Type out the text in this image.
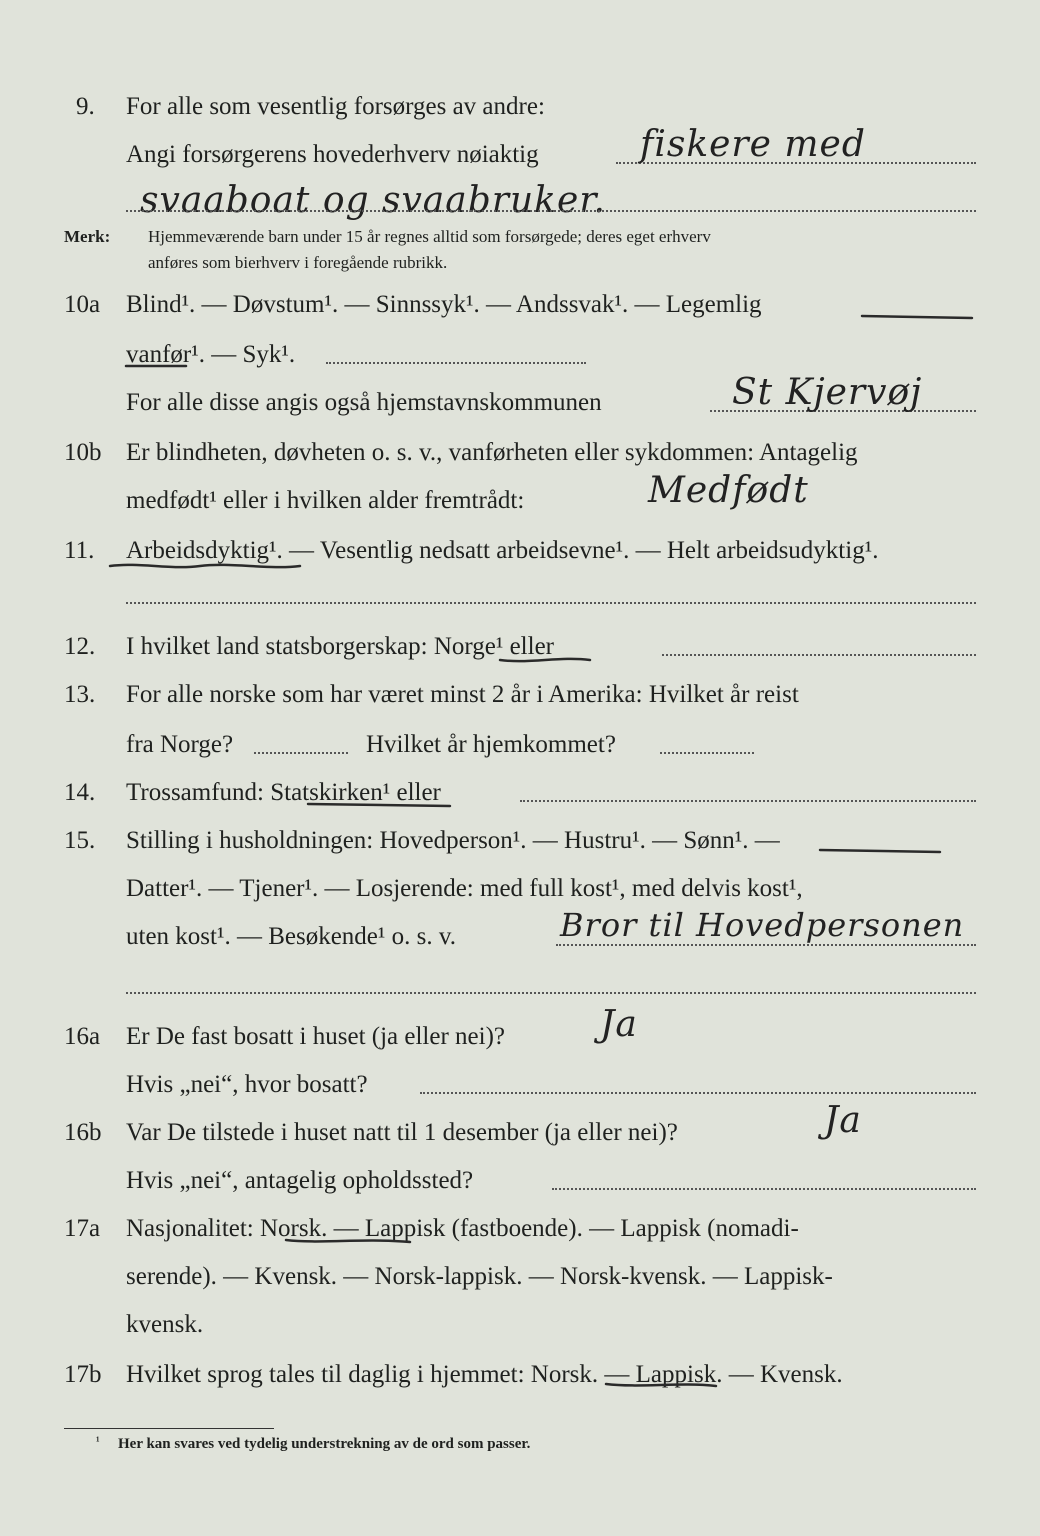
9. For alle som vesentlig forsørges av andre:
Angi forsørgerens hovederhverv nøiaktig	fiskere med
svaaboat og svaabruker.
Merk: Hjemmeværende barn under 15 år regnes alltid som forsørgede; deres eget erhverv
anføres som bierhverv i foregående rubrikk.
10a Blind¹. — Døvstum¹. — Sinnssyk¹. — Andssvak¹. — Legemlig
vanfør¹. — Syk¹.
For alle disse angis også hjemstavnskommunen	St Kjervøj
10b Er blindheten, døvheten o. s. v., vanførheten eller sykdommen: Antagelig
medfødt¹ eller i hvilken alder fremtrådt:	Medfødt
11. Arbeidsdyktig¹. — Vesentlig nedsatt arbeidsevne¹. — Helt arbeidsudyktig¹.
12. I hvilket land statsborgerskap: Norge¹ eller
13. For alle norske som har været minst 2 år i Amerika: Hvilket år reist
fra Norge?	Hvilket år hjemkommet?
14. Trossamfund: Statskirken¹ eller
15. Stilling i husholdningen: Hovedperson¹. — Hustru¹. — Sønn¹. —
Datter¹. — Tjener¹. — Losjerende: med full kost¹, med delvis kost¹,
uten kost¹. — Besøkende¹ o. s. v.	Bror til Hovedpersonen
16a Er De fast bosatt i huset (ja eller nei)?	Ja
Hvis „nei“, hvor bosatt?
16b Var De tilstede i huset natt til 1 desember (ja eller nei)?	Ja
Hvis „nei“, antagelig opholdssted?
17a Nasjonalitet: Norsk. — Lappisk (fastboende). — Lappisk (nomadi-
serende). — Kvensk. — Norsk-lappisk. — Norsk-kvensk. — Lappisk-
kvensk.
17b Hvilket sprog tales til daglig i hjemmet: Norsk. — Lappisk. — Kvensk.
¹ Her kan svares ved tydelig understrekning av de ord som passer.
